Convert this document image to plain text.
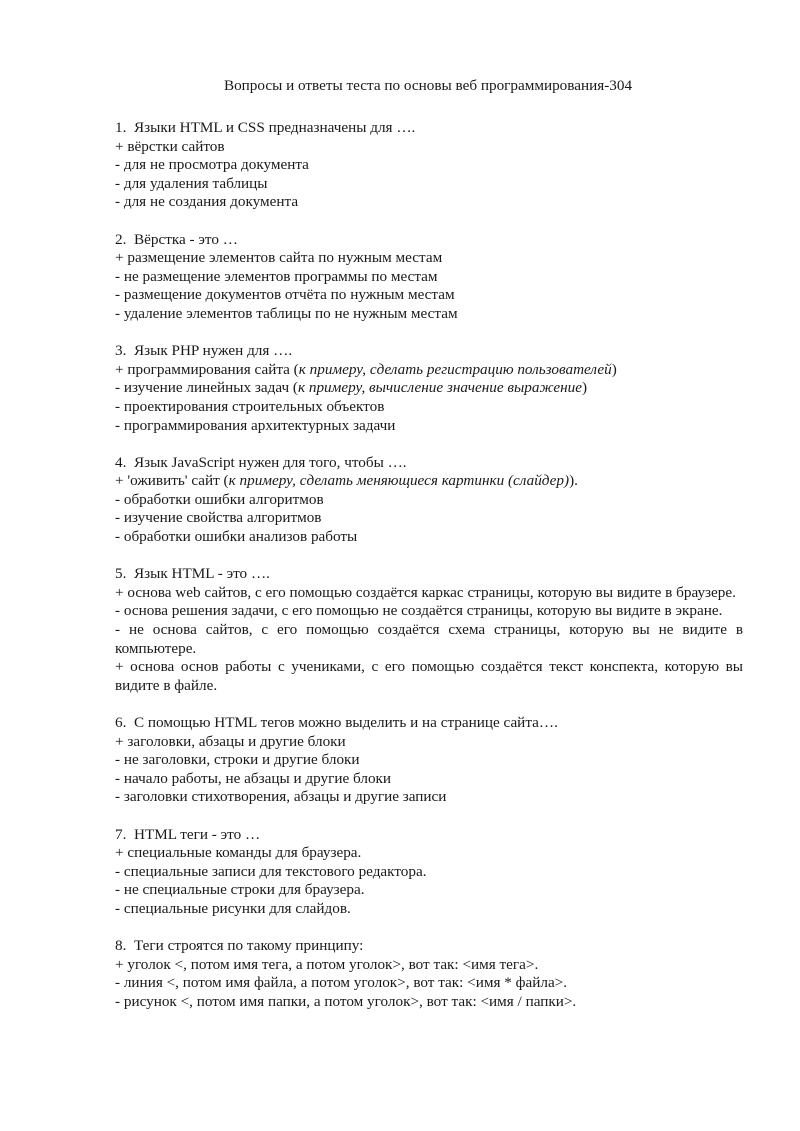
Вопросы и ответы теста по основы веб программирования-304
1. Языки HTML и CSS предназначены для ….
+ вёрстки сайтов
- для не просмотра документа
- для удаления таблицы
- для не создания документа
2. Вёрстка - это …
+ размещение элементов сайта по нужным местам
- не размещение элементов программы по местам
- размещение документов отчёта по нужным местам
- удаление элементов таблицы по не нужным местам
3. Язык PHP нужен для ….
+ программирования сайта (к примеру, сделать регистрацию пользователей)
- изучение линейных задач (к примеру, вычисление значение выражение)
- проектирования строительных объектов
- программирования архитектурных задачи
4. Язык JavaScript нужен для того, чтобы ….
+ 'оживить' сайт (к примеру, сделать меняющиеся картинки (слайдер)).
- обработки ошибки алгоритмов
- изучение свойства алгоритмов
- обработки ошибки анализов работы
5. Язык HTML - это ….
+ основа web сайтов, с его помощью создаётся каркас страницы, которую вы видите в браузере.
- основа решения задачи, с его помощью не создаётся страницы, которую вы видите в экране.
- не основа сайтов, с его помощью создаётся схема страницы, которую вы не видите в компьютере.
+ основа основ работы с учениками, с его помощью создаётся текст конспекта, которую вы видите в файле.
6. С помощью HTML тегов можно выделить и на странице сайта….
+ заголовки, абзацы и другие блоки
- не заголовки, строки и другие блоки
- начало работы, не абзацы и другие блоки
- заголовки стихотворения, абзацы и другие записи
7. HTML теги - это …
+ специальные команды для браузера.
- специальные записи для текстового редактора.
- не специальные строки для браузера.
- специальные рисунки для слайдов.
8. Теги строятся по такому принципу:
+ уголок <, потом имя тега, а потом уголок>, вот так: <имя тега>.
- линия <, потом имя файла, а потом уголок>, вот так: <имя * файла>.
- рисунок <, потом имя папки, а потом уголок>, вот так: <имя / папки>.
